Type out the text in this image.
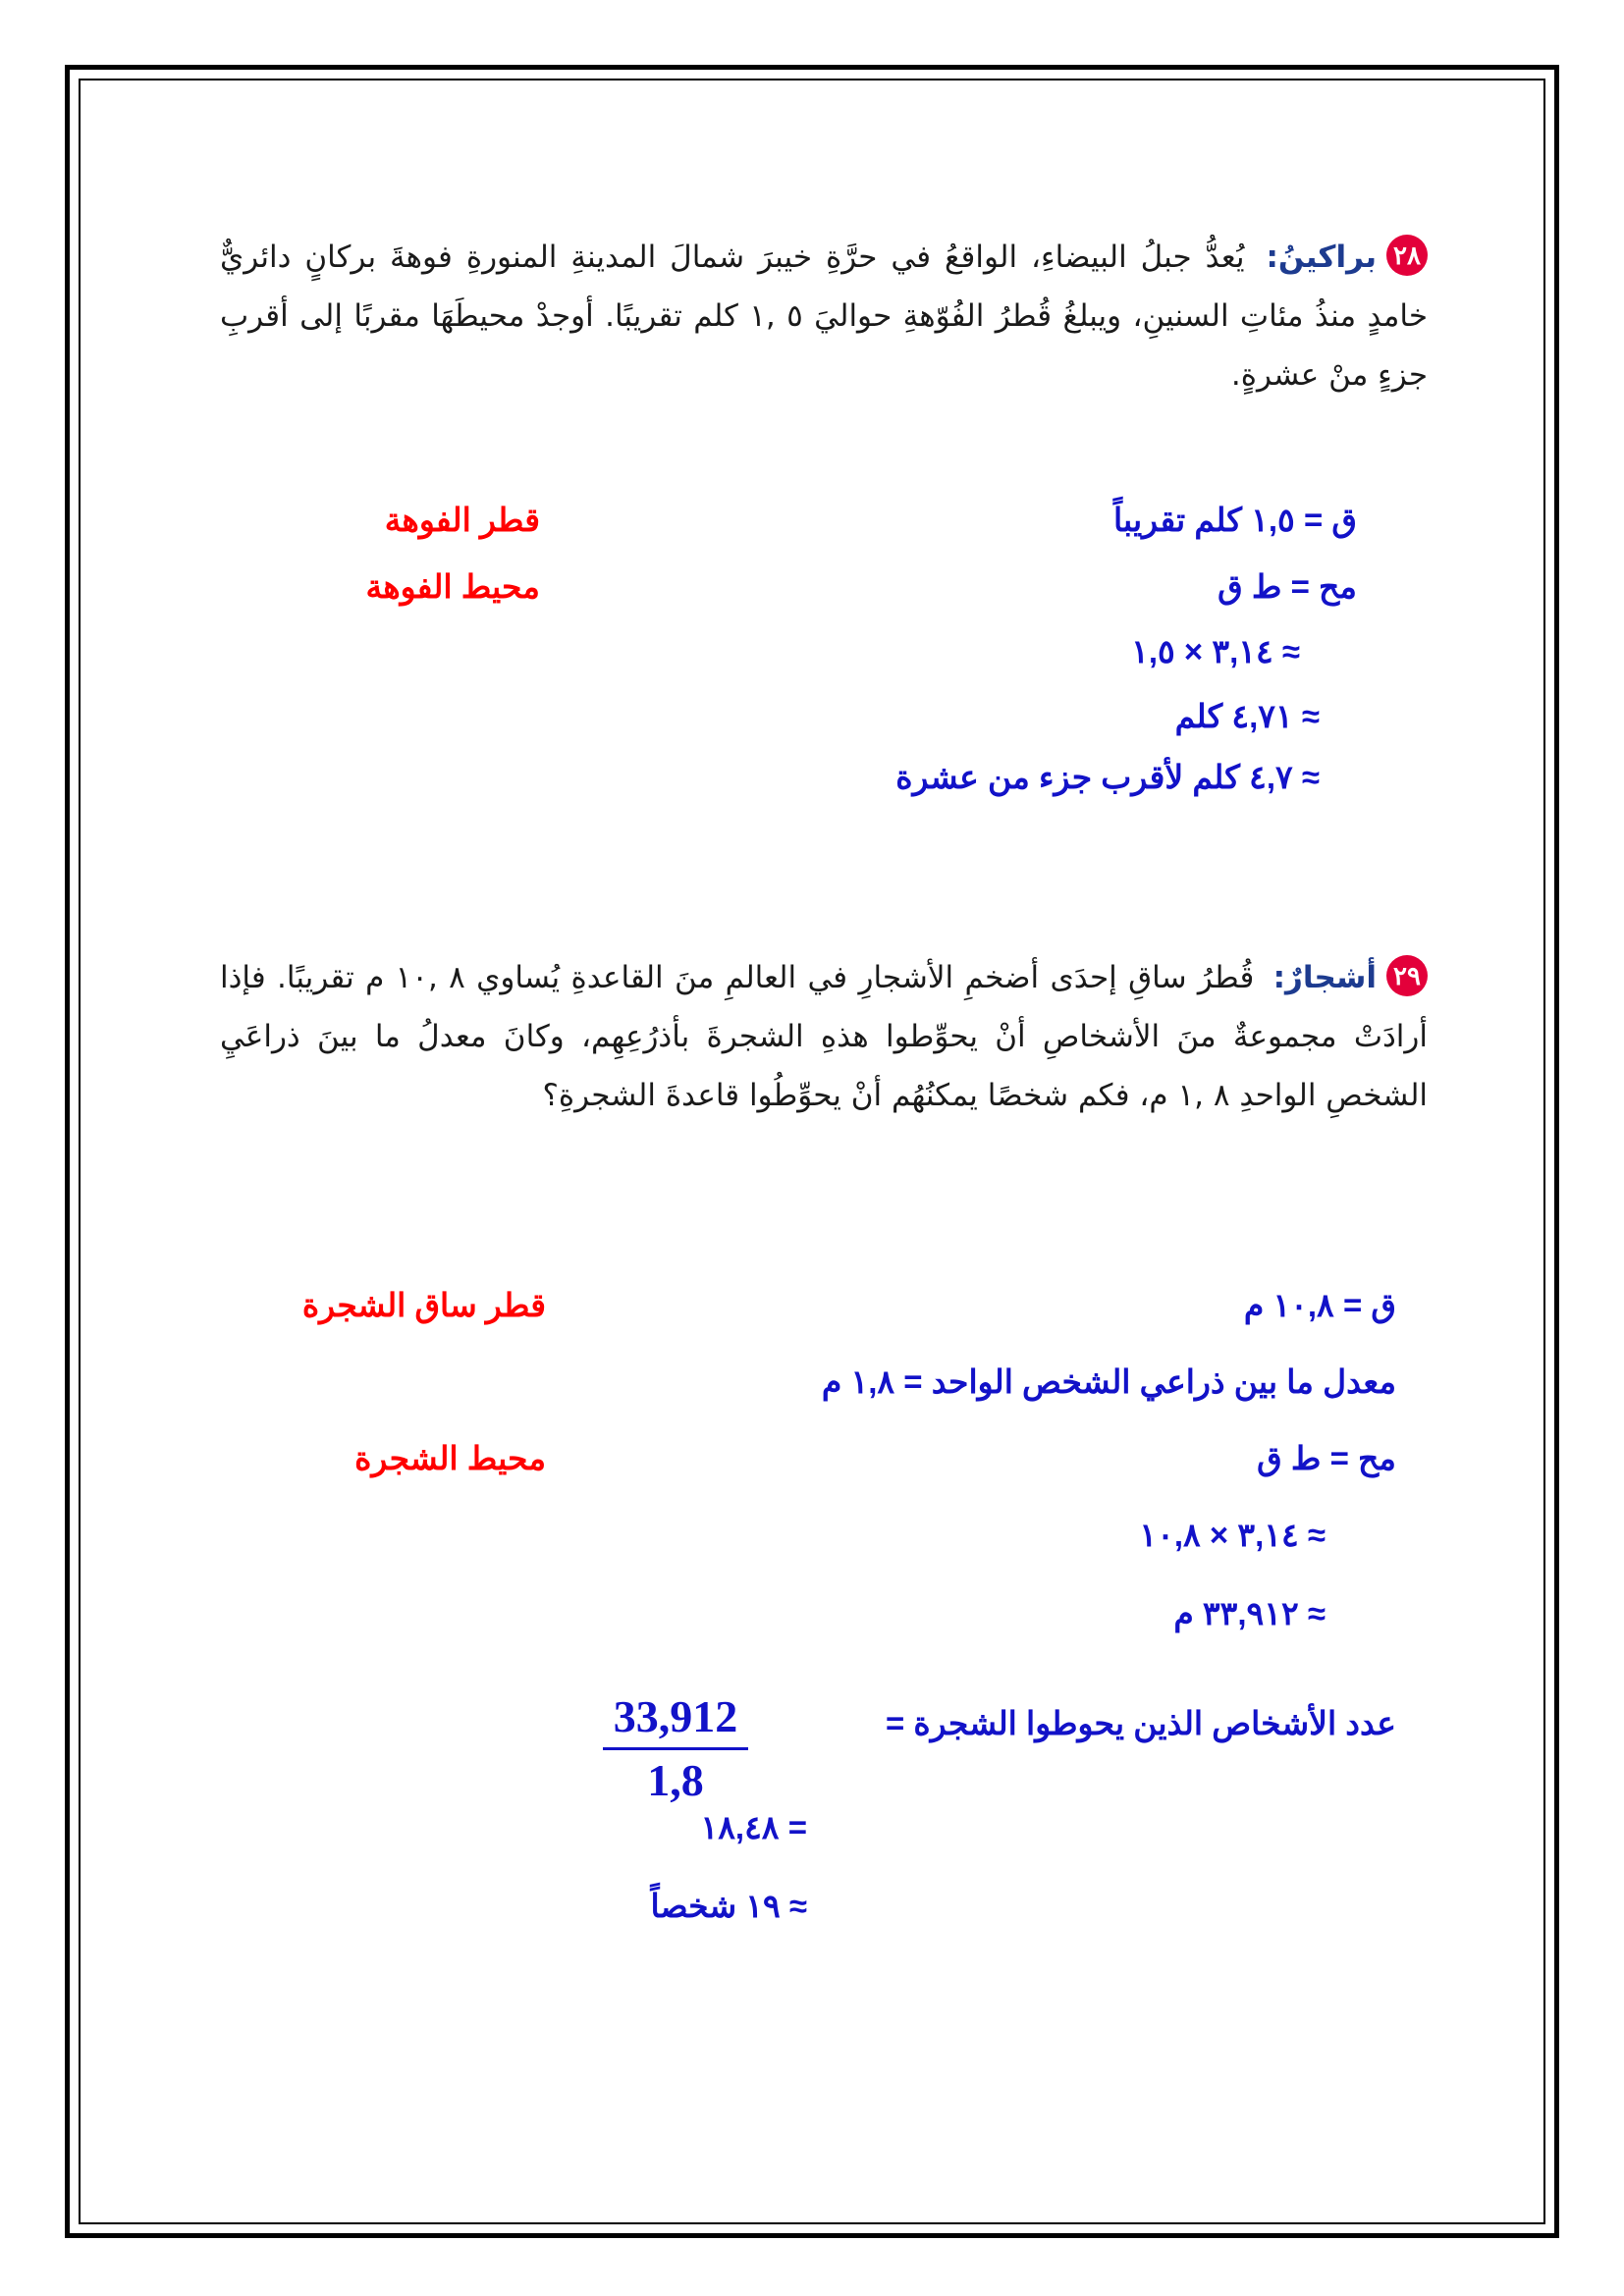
٢٨براكينُ: يُعدُّ جبلُ البيضاءِ، الواقعُ في حرَّةِ خيبرَ شمالَ المدينةِ المنورةِ فوهةَ بركانٍ دائريٌّ خامدٍ منذُ مئاتِ السنينِ، ويبلغُ قُطرُ الفُوّهةِ حواليَ ٥ ,١ كلم تقريبًا. أوجدْ محيطَهَا مقربًا إلى أقربِ جزءٍ منْ عشرةٍ.
ق = ١,٥ كلم تقريباً
مح = ط ق
≈ ٣,١٤ × ١,٥
≈ ٤,٧١ كلم
≈ ٤,٧ كلم لأقرب جزء من عشرة
قطر الفوهة
محيط الفوهة
٢٩أشجارٌ: قُطرُ ساقِ إحدَى أضخمِ الأشجارِ في العالمِ منَ القاعدةِ يُساوي ٨ ,١٠ م تقريبًا. فإذا أرادَتْ مجموعةٌ منَ الأشخاصِ أنْ يحوِّطوا هذهِ الشجرةَ بأذرُعِهِم، وكانَ معدلُ ما بينَ ذراعَيِ الشخصِ الواحدِ ٨ ,١ م، فكم شخصًا يمكنُهُم أنْ يحوِّطُوا قاعدةَ الشجرةِ؟
ق = ١٠,٨ م
معدل ما بين ذراعي الشخص الواحد = ١,٨ م
مح = ط ق
≈ ٣,١٤ × ١٠,٨
≈ ٣٣,٩١٢ م
عدد الأشخاص الذين يحوطوا الشجرة =
= ١٨,٤٨
≈ ١٩ شخصاً
33,912
1,8
قطر ساق الشجرة
محيط الشجرة
